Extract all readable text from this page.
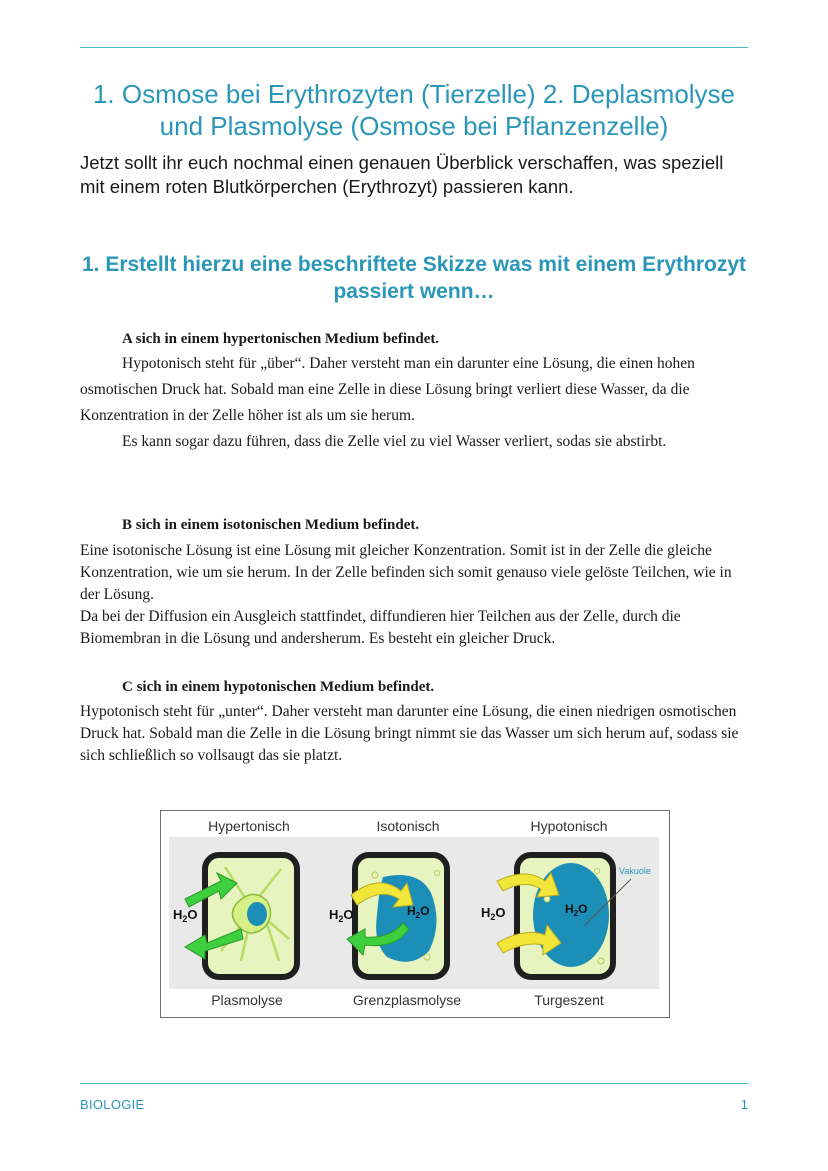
1. Osmose bei Erythrozyten (Tierzelle) 2. Deplasmolyse und Plasmolyse (Osmose bei Pflanzenzelle)

Jetzt sollt ihr euch nochmal einen genauen Überblick verschaffen, was speziell mit einem roten Blutkörperchen (Erythrozyt) passieren kann.

1. Erstellt hierzu eine beschriftete Skizze was mit einem Erythrozyt passiert wenn…

A sich in einem hypertonischen Medium befindet.

Hypotonisch steht für „über“. Daher versteht man ein darunter eine Lösung, die einen hohen osmotischen Druck hat. Sobald man eine Zelle in diese Lösung bringt verliert diese Wasser, da die Konzentration in der Zelle höher ist als um sie herum.
Es kann sogar dazu führen, dass die Zelle viel zu viel Wasser verliert, sodas sie abstirbt.

B sich in einem isotonischen Medium befindet.

Eine isotonische Lösung ist eine Lösung mit gleicher Konzentration. Somit ist in der Zelle die gleiche Konzentration, wie um sie herum. In der Zelle befinden sich somit genauso viele gelöste Teilchen, wie in der Lösung.
Da bei der Diffusion ein Ausgleich stattfindet, diffundieren hier Teilchen aus der Zelle, durch die Biomembran in die Lösung und andersherum. Es besteht ein gleicher Druck.

C sich in einem hypotonischen Medium befindet.

Hypotonisch steht für „unter“. Daher versteht man darunter eine Lösung, die einen niedrigen osmotischen Druck hat. Sobald man die Zelle in die Lösung bringt nimmt sie das Wasser um sich herum auf, sodass sie sich schließlich so vollsaugt das sie platzt.

Hypertonisch	Isotonisch	Hypotonisch
$H_2O$	$H_2O$	$H_2O$
Vakuole
$H_2O$	$H_2O$
Plasmolyse	Grenzplasmolyse	Turgeszent
BIOLOGIE	1
